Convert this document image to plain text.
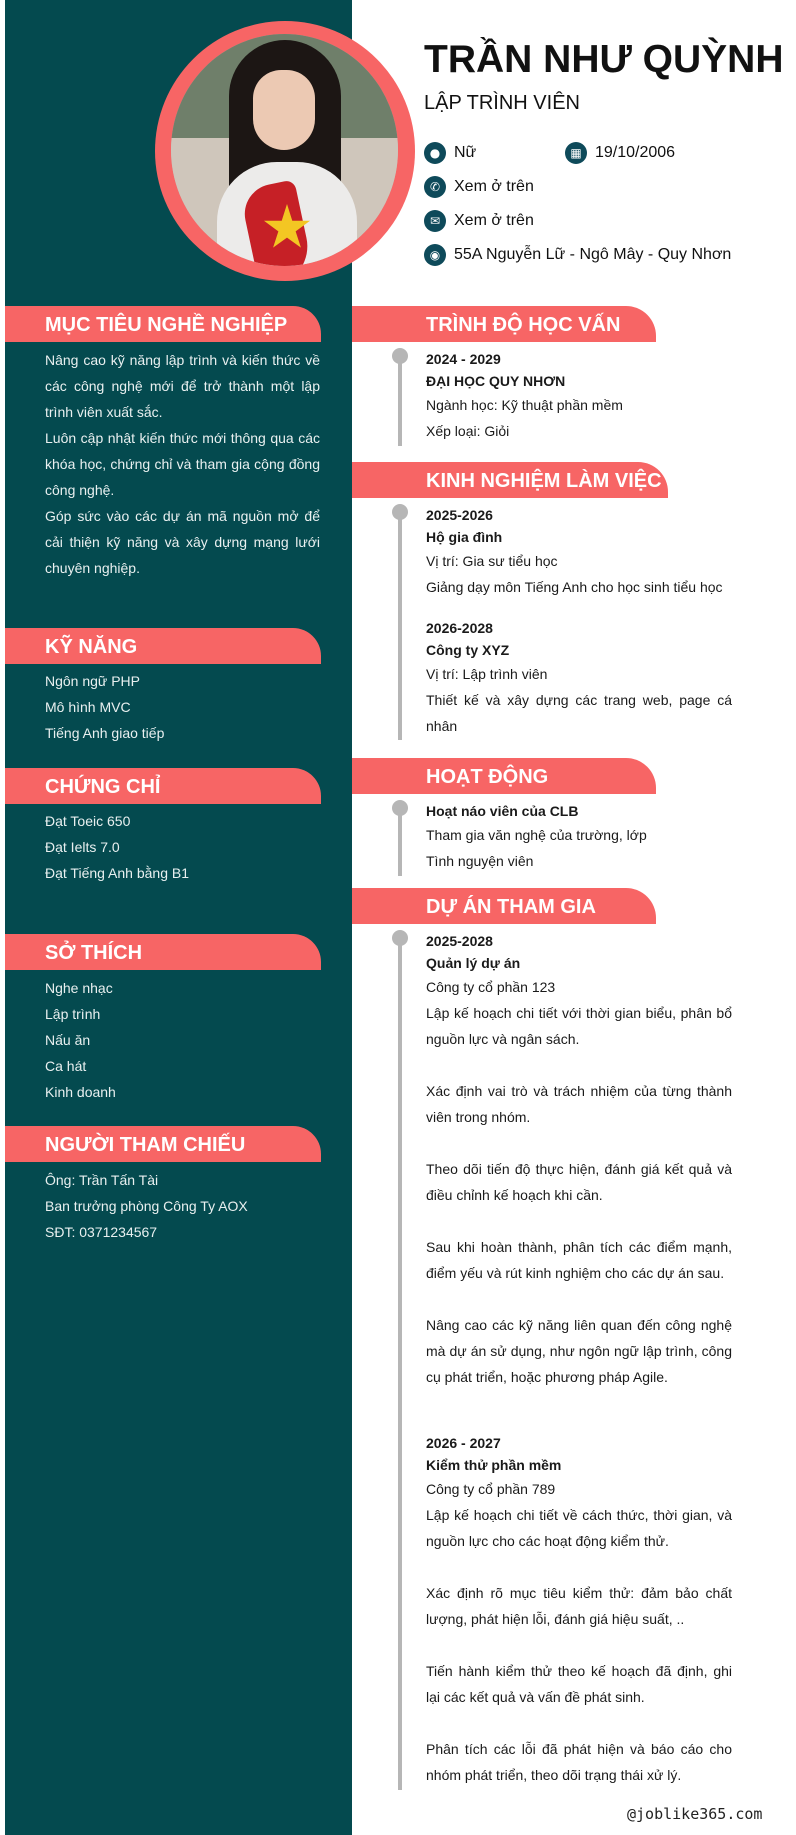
TRẦN NHƯ QUỲNH
LẬP TRÌNH VIÊN
● Nữ	▦ 19/10/2006
✆ Xem ở trên
✉ Xem ở trên
◉ 55A Nguyễn Lữ - Ngô Mây - Quy Nhơn
MỤC TIÊU NGHỀ NGHIỆP

Nâng cao kỹ năng lập trình và kiến thức về các công nghệ mới để trở thành một lập trình viên xuất sắc.

Luôn cập nhật kiến thức mới thông qua các khóa học, chứng chỉ và tham gia cộng đồng công nghệ.

Góp sức vào các dự án mã nguồn mở để cải thiện kỹ năng và xây dựng mạng lưới chuyên nghiệp.

KỸ NĂNG
Ngôn ngữ PHP
Mô hình MVC
Tiếng Anh giao tiếp
CHỨNG CHỈ
Đạt Toeic 650
Đạt Ielts 7.0
Đạt Tiếng Anh bằng B1
SỞ THÍCH
Nghe nhạc
Lập trình
Nấu ăn
Ca hát
Kinh doanh
NGƯỜI THAM CHIẾU
Ông: Trần Tấn Tài
Ban trưởng phòng Công Ty AOX
SĐT: 0371234567
TRÌNH ĐỘ HỌC VẤN
2024 - 2029
ĐẠI HỌC QUY NHƠN
Ngành học: Kỹ thuật phần mềm
Xếp loại: Giỏi
KINH NGHIỆM LÀM VIỆC
2025-2026
Hộ gia đình
Vị trí: Gia sư tiểu học

Giảng dạy môn Tiếng Anh cho học sinh tiểu học

2026-2028
Công ty XYZ
Vị trí: Lập trình viên

Thiết kế và xây dựng các trang web, page cá nhân

HOẠT ĐỘNG
Hoạt náo viên của CLB
Tham gia văn nghệ của trường, lớp
Tình nguyện viên
DỰ ÁN THAM GIA
2025-2028
Quản lý dự án
Công ty cổ phần 123

Lập kế hoạch chi tiết với thời gian biểu, phân bổ nguồn lực và ngân sách.

Xác định vai trò và trách nhiệm của từng thành viên trong nhóm.

Theo dõi tiến độ thực hiện, đánh giá kết quả và điều chỉnh kế hoạch khi cần.

Sau khi hoàn thành, phân tích các điểm mạnh, điểm yếu và rút kinh nghiệm cho các dự án sau.

Nâng cao các kỹ năng liên quan đến công nghệ mà dự án sử dụng, như ngôn ngữ lập trình, công cụ phát triển, hoặc phương pháp Agile.

2026 - 2027
Kiểm thử phần mềm
Công ty cổ phần 789

Lập kế hoạch chi tiết về cách thức, thời gian, và nguồn lực cho các hoạt động kiểm thử.

Xác định rõ mục tiêu kiểm thử: đảm bảo chất lượng, phát hiện lỗi, đánh giá hiệu suất, ..

Tiến hành kiểm thử theo kế hoạch đã định, ghi lại các kết quả và vấn đề phát sinh.

Phân tích các lỗi đã phát hiện và báo cáo cho nhóm phát triển, theo dõi trạng thái xử lý.

@joblike365.com
